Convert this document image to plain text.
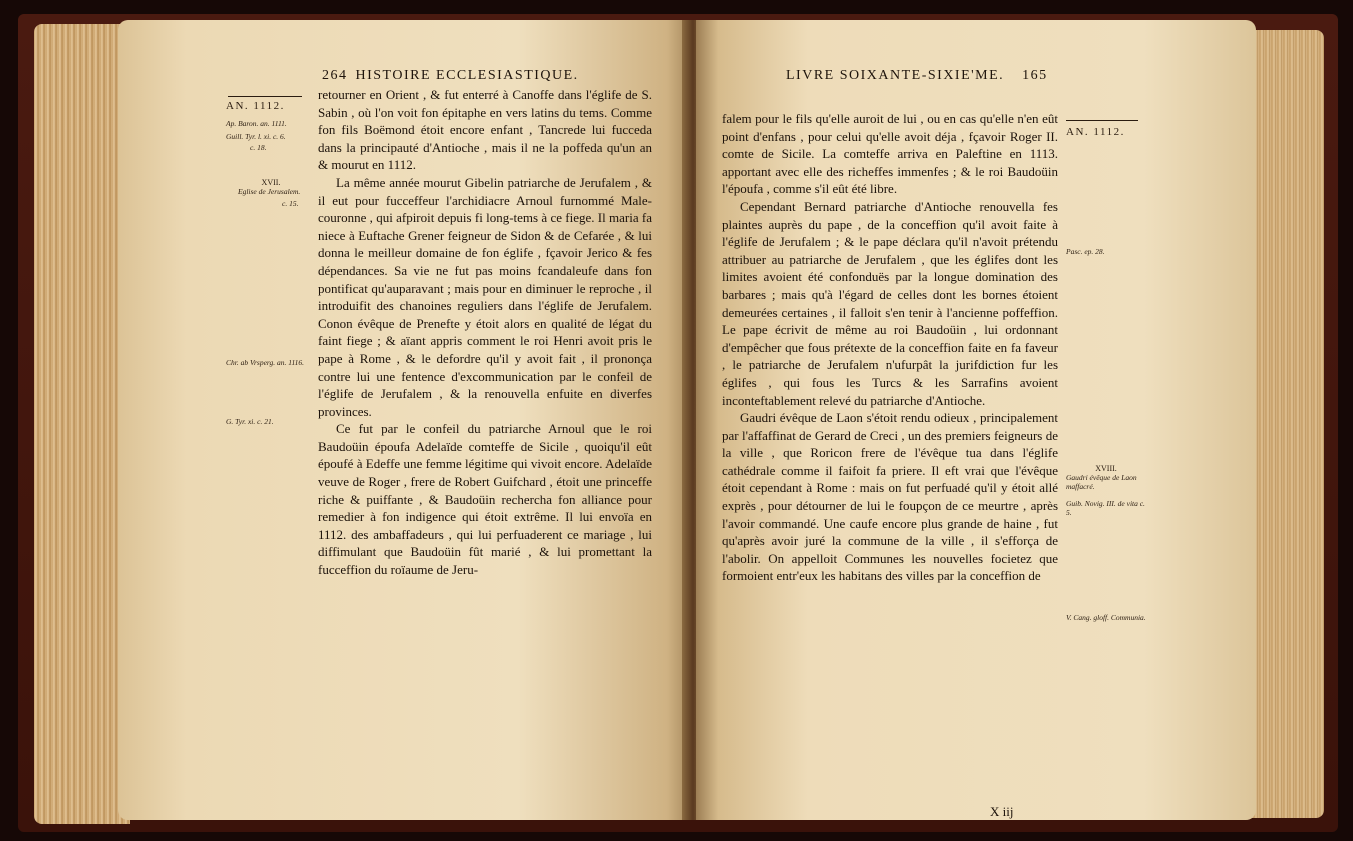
264 HISTOIRE ECCLESIASTIQUE.
AN. 1112.
Ap. Baron. an. 1111.
Guill. Tyr. l. xi. c. 6.
c. 18.
XVII.
Eglise de Jerusalem.
c. 15.
Chr. ab Vrsperg. an. 1116.
G. Tyr. xi. c. 21.

retourner en Orient , & fut enterré à Canoffe dans l'églife de S. Sabin , où l'on voit fon épitaphe en vers latins du tems. Comme fon fils Boëmond étoit encore enfant , Tancrede lui fucceda dans la principauté d'Antioche , mais il ne la poffeda qu'un an & mourut en 1112.

La même année mourut Gibelin patriarche de Jerufalem , & il eut pour fucceffeur l'archidiacre Arnoul furnommé Male-couronne , qui afpiroit depuis fi long-tems à ce fiege. Il maria fa niece à Euftache Grener feigneur de Sidon & de Cefarée , & lui donna le meilleur domaine de fon églife , fçavoir Jerico & fes dépendances. Sa vie ne fut pas moins fcandaleufe dans fon pontificat qu'auparavant ; mais pour en diminuer le reproche , il introduifit des chanoines reguliers dans l'églife de Jerufalem. Conon évêque de Prenefte y étoit alors en qualité de légat du faint fiege ; & aïant appris comment le roi Henri avoit pris le pape à Rome , & le defordre qu'il y avoit fait , il prononça contre lui une fentence d'excommunication par le confeil de l'églife de Jerufalem , & la renouvella enfuite en diverfes provinces.

Ce fut par le confeil du patriarche Arnoul que le roi Baudoüin époufa Adelaïde comteffe de Sicile , quoiqu'il eût époufé à Edeffe une femme légitime qui vivoit encore. Adelaïde veuve de Roger , frere de Robert Guifchard , étoit une princeffe riche & puiffante , & Baudoüin rechercha fon alliance pour remedier à fon indigence qui étoit extrême. Il lui envoïa en 1112. des ambaffadeurs , qui lui perfuaderent ce mariage , lui diffimulant que Baudoüin fût marié , & lui promettant la fucceffion du roïaume de Jeru-

LIVRE SOIXANTE-SIXIE'ME. 165

falem pour le fils qu'elle auroit de lui , ou en cas qu'elle n'en eût point d'enfans , pour celui qu'elle avoit déja , fçavoir Roger II. comte de Sicile. La comteffe arriva en Paleftine en 1113. apportant avec elle des richeffes immenfes ; & le roi Baudoüin l'époufa , comme s'il eût été libre.

Cependant Bernard patriarche d'Antioche renouvella fes plaintes auprès du pape , de la conceffion qu'il avoit faite à l'églife de Jerufalem ; & le pape déclara qu'il n'avoit prétendu attribuer au patriarche de Jerufalem , que les églifes dont les limites avoient été confonduës par la longue domination des barbares ; mais qu'à l'égard de celles dont les bornes étoient demeurées certaines , il falloit s'en tenir à l'ancienne poffeffion. Le pape écrivit de même au roi Baudoüin , lui ordonnant d'empêcher que fous prétexte de la conceffion faite en fa faveur , le patriarche de Jerufalem n'ufurpât la jurifdiction fur les églifes , qui fous les Turcs & les Sarrafins avoient inconteftablement relevé du patriarche d'Antioche.

Gaudri évêque de Laon s'étoit rendu odieux , principalement par l'affaffinat de Gerard de Creci , un des premiers feigneurs de la ville , que Roricon frere de l'évêque tua dans l'églife cathédrale comme il faifoit fa priere. Il eft vrai que l'évêque étoit cependant à Rome : mais on fut perfuadé qu'il y étoit allé exprès , pour détourner de lui le foupçon de ce meurtre , après l'avoir commandé. Une caufe encore plus grande de haine , fut qu'après avoir juré la commune de la ville , il s'efforça de l'abolir. On appelloit Communes les nouvelles focietez que formoient entr'eux les habitans des villes par la conceffion de

X iij
AN. 1112.
Pasc. ep. 28.
XVIII.
Gaudri évêque de Laon maffacré.
Guib. Novig. III. de vita c. 5.
V. Cang. gloff. Communia.
